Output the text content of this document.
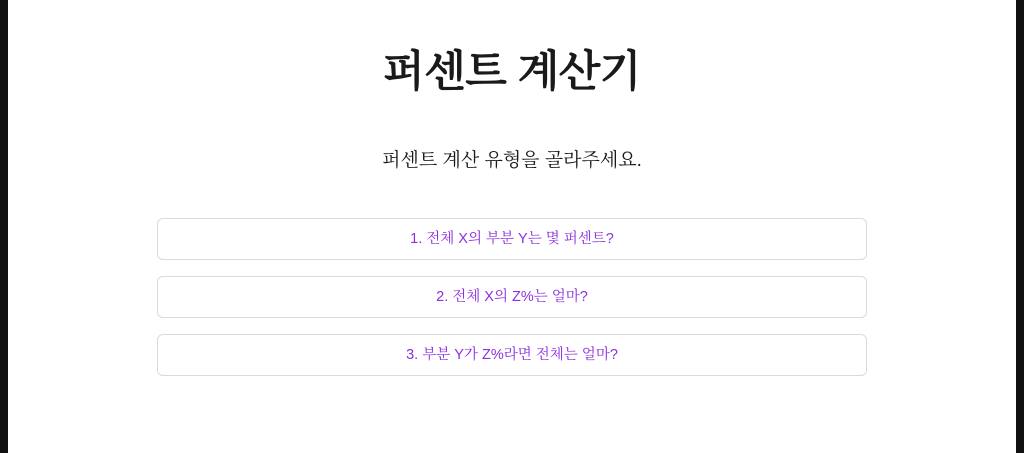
퍼센트 계산기

퍼센트 계산 유형을 골라주세요.

1. 전체 X의 부분 Y는 몇 퍼센트?
2. 전체 X의 Z%는 얼마?
3. 부분 Y가 Z%라면 전체는 얼마?
